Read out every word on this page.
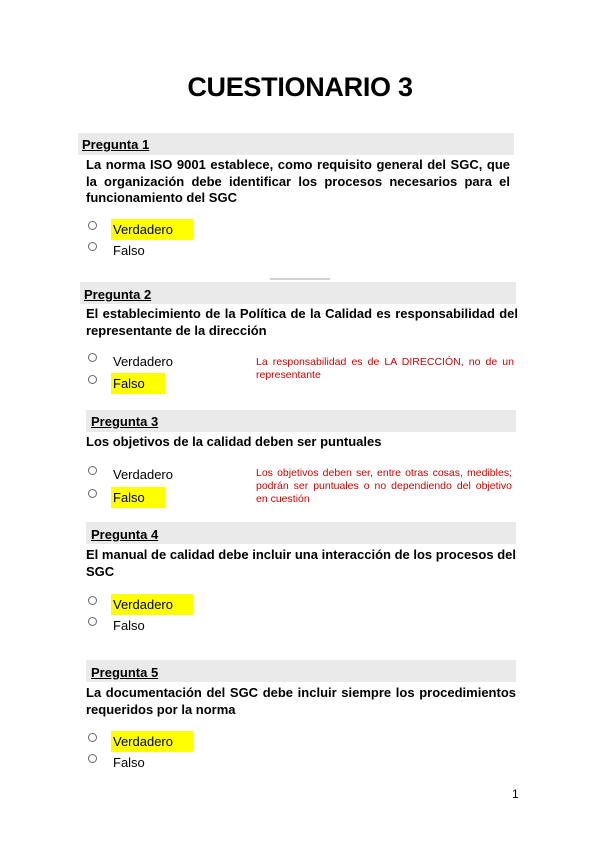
CUESTIONARIO 3
Pregunta 1
La norma ISO 9001 establece, como requisito general del SGC, que la organización debe identificar los procesos necesarios para el funcionamiento del SGC
Verdadero
Falso
Pregunta 2
El establecimiento de la Política de la Calidad es responsabilidad del representante de la dirección
Verdadero
Falso
La responsabilidad es de LA DIRECCIÓN, no de un representante
Pregunta 3
Los objetivos de la calidad deben ser puntuales
Verdadero
Falso
Los objetivos deben ser, entre otras cosas, medibles; podrán ser puntuales o no dependiendo del objetivo en cuestión
Pregunta 4
El manual de calidad debe incluir una interacción de los procesos del SGC
Verdadero
Falso
Pregunta 5
La documentación del SGC debe incluir siempre los procedimientos requeridos por la norma
Verdadero
Falso
1
